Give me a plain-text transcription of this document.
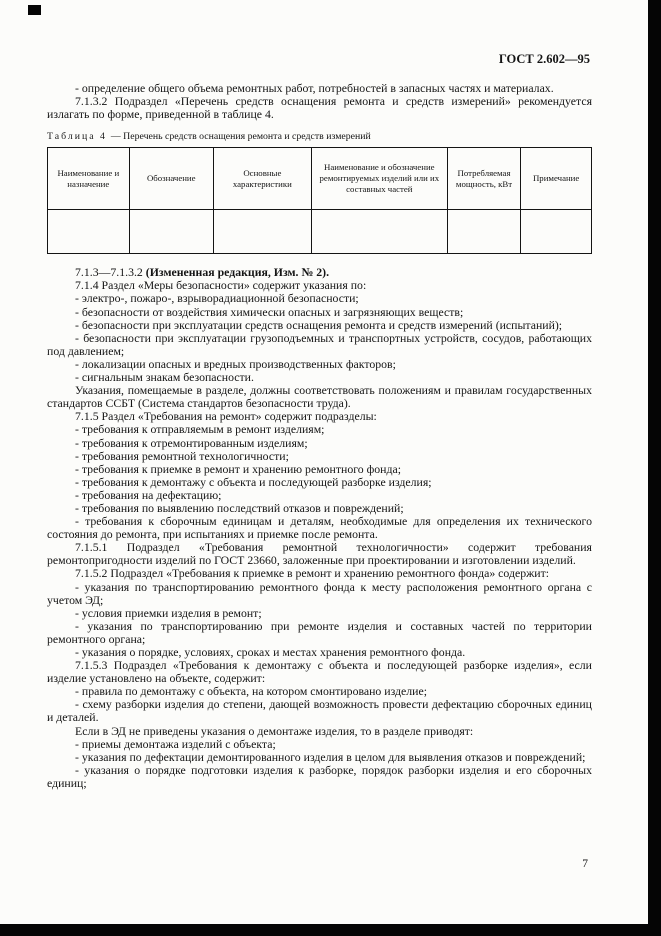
ГОСТ 2.602—95

- определение общего объема ремонтных работ, потребностей в запасных частях и материалах.

7.1.3.2 Подраздел «Перечень средств оснащения ремонта и средств измерений» рекомендуется излагать по форме, приведенной в таблице 4.

Таблица 4 — Перечень средств оснащения ремонта и средств измерений
Наименование и назначение	Обозначение	Основные характеристики	Наименование и обозначение ремонтируемых изделий или их составных частей	Потребляемая мощность, кВт	Примечание

7.1.3—7.1.3.2 (Измененная редакция, Изм. № 2).

7.1.4 Раздел «Меры безопасности» содержит указания по:

- электро-, пожаро-, взрыворадиационной безопасности;

- безопасности от воздействия химически опасных и загрязняющих веществ;

- безопасности при эксплуатации средств оснащения ремонта и средств измерений (испытаний);

- безопасности при эксплуатации грузоподъемных и транспортных устройств, сосудов, работающих под давлением;

- локализации опасных и вредных производственных факторов;

- сигнальным знакам безопасности.

Указания, помещаемые в разделе, должны соответствовать положениям и правилам государственных стандартов ССБТ (Система стандартов безопасности труда).

7.1.5 Раздел «Требования на ремонт» содержит подразделы:

- требования к отправляемым в ремонт изделиям;

- требования к отремонтированным изделиям;

- требования ремонтной технологичности;

- требования к приемке в ремонт и хранению ремонтного фонда;

- требования к демонтажу с объекта и последующей разборке изделия;

- требования на дефектацию;

- требования по выявлению последствий отказов и повреждений;

- требования к сборочным единицам и деталям, необходимые для определения их технического состояния до ремонта, при испытаниях и приемке после ремонта.

7.1.5.1 Подраздел «Требования ремонтной технологичности» содержит требования ремонтопригодности изделий по ГОСТ 23660, заложенные при проектировании и изготовлении изделий.

7.1.5.2 Подраздел «Требования к приемке в ремонт и хранению ремонтного фонда» содержит:

- указания по транспортированию ремонтного фонда к месту расположения ремонтного органа с учетом ЭД;

- условия приемки изделия в ремонт;

- указания по транспортированию при ремонте изделия и составных частей по территории ремонтного органа;

- указания о порядке, условиях, сроках и местах хранения ремонтного фонда.

7.1.5.3 Подраздел «Требования к демонтажу с объекта и последующей разборке изделия», если изделие установлено на объекте, содержит:

- правила по демонтажу с объекта, на котором смонтировано изделие;

- схему разборки изделия до степени, дающей возможность провести дефектацию сборочных единиц и деталей.

Если в ЭД не приведены указания о демонтаже изделия, то в разделе приводят:

- приемы демонтажа изделий с объекта;

- указания по дефектации демонтированного изделия в целом для выявления отказов и повреждений;

- указания о порядке подготовки изделия к разборке, порядок разборки изделия и его сборочных единиц;

7
